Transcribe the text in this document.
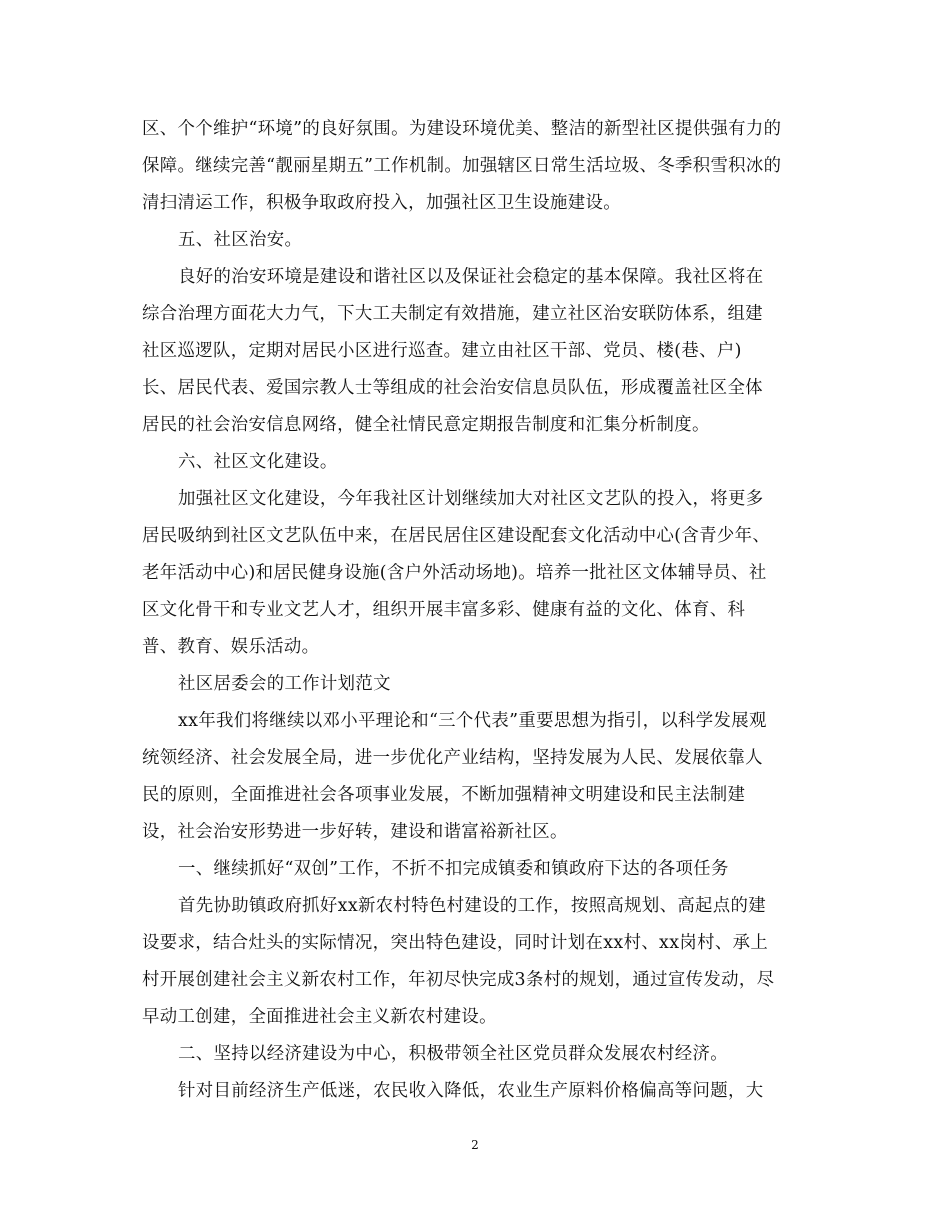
区、个个维护“环境”的良好氛围。为建设环境优美、整洁的新型社区提供强有力的
保障。继续完善“靓丽星期五”工作机制。加强辖区日常生活垃圾、冬季积雪积冰的
清扫清运工作，积极争取政府投入，加强社区卫生设施建设。
五、社区治安。
良好的治安环境是建设和谐社区以及保证社会稳定的基本保障。我社区将在
综合治理方面花大力气，下大工夫制定有效措施，建立社区治安联防体系，组建
社区巡逻队，定期对居民小区进行巡查。建立由社区干部、党员、楼(巷、户)
长、居民代表、爱国宗教人士等组成的社会治安信息员队伍，形成覆盖社区全体
居民的社会治安信息网络，健全社情民意定期报告制度和汇集分析制度。
六、社区文化建设。
加强社区文化建设，今年我社区计划继续加大对社区文艺队的投入，将更多
居民吸纳到社区文艺队伍中来，在居民居住区建设配套文化活动中心(含青少年、
老年活动中心)和居民健身设施(含户外活动场地)。培养一批社区文体辅导员、社
区文化骨干和专业文艺人才，组织开展丰富多彩、健康有益的文化、体育、科
普、教育、娱乐活动。
社区居委会的工作计划范文
xx年我们将继续以邓小平理论和“三个代表”重要思想为指引，以科学发展观
统领经济、社会发展全局，进一步优化产业结构，坚持发展为人民、发展依靠人
民的原则，全面推进社会各项事业发展，不断加强精神文明建设和民主法制建
设，社会治安形势进一步好转，建设和谐富裕新社区。
一、继续抓好“双创”工作，不折不扣完成镇委和镇政府下达的各项任务
首先协助镇政府抓好xx新农村特色村建设的工作，按照高规划、高起点的建
设要求，结合灶头的实际情况，突出特色建设，同时计划在xx村、xx岗村、承上
村开展创建社会主义新农村工作，年初尽快完成3条村的规划，通过宣传发动，尽
早动工创建，全面推进社会主义新农村建设。
二、坚持以经济建设为中心，积极带领全社区党员群众发展农村经济。
针对目前经济生产低迷，农民收入降低，农业生产原料价格偏高等问题，大
2
